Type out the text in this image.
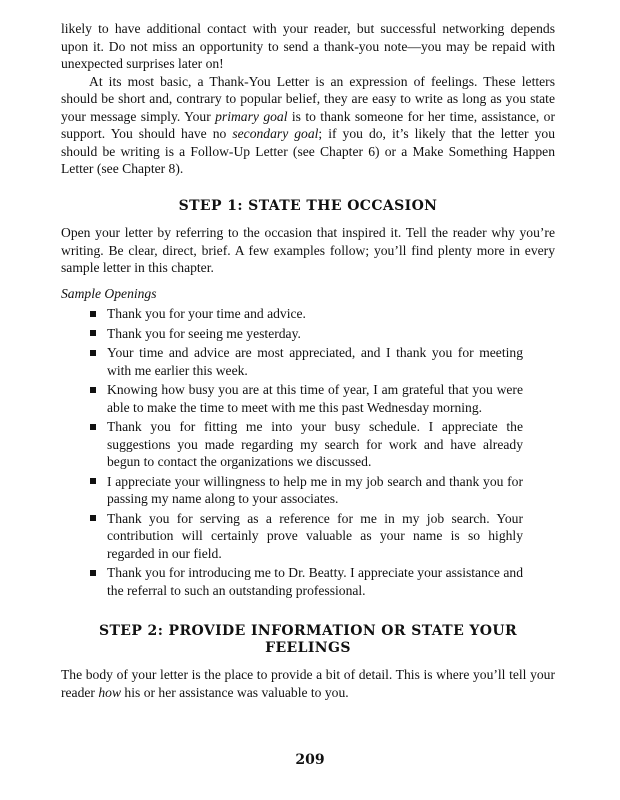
likely to have additional contact with your reader, but successful networking depends upon it. Do not miss an opportunity to send a thank-you note—you may be repaid with unexpected surprises later on!

At its most basic, a Thank-You Letter is an expression of feelings. These letters should be short and, contrary to popular belief, they are easy to write as long as you state your message simply. Your primary goal is to thank someone for her time, assistance, or support. You should have no secondary goal; if you do, it’s likely that the letter you should be writing is a Follow-Up Letter (see Chapter 6) or a Make Something Happen Letter (see Chapter 8).

STEP 1: STATE THE OCCASION

Open your letter by referring to the occasion that inspired it. Tell the reader why you’re writing. Be clear, direct, brief. A few examples follow; you’ll find plenty more in every sample letter in this chapter.

Sample Openings

Thank you for your time and advice.
Thank you for seeing me yesterday.
Your time and advice are most appreciated, and I thank you for meeting with me earlier this week.
Knowing how busy you are at this time of year, I am grateful that you were able to make the time to meet with me this past Wednesday morning.
Thank you for fitting me into your busy schedule. I appreciate the suggestions you made regarding my search for work and have already begun to contact the organizations we discussed.
I appreciate your willingness to help me in my job search and thank you for passing my name along to your associates.
Thank you for serving as a reference for me in my job search. Your contribution will certainly prove valuable as your name is so highly regarded in our field.
Thank you for introducing me to Dr. Beatty. I appreciate your assistance and the referral to such an outstanding professional.
STEP 2: PROVIDE INFORMATION OR STATE YOUR FEELINGS

The body of your letter is the place to provide a bit of detail. This is where you’ll tell your reader how his or her assistance was valuable to you.

209
